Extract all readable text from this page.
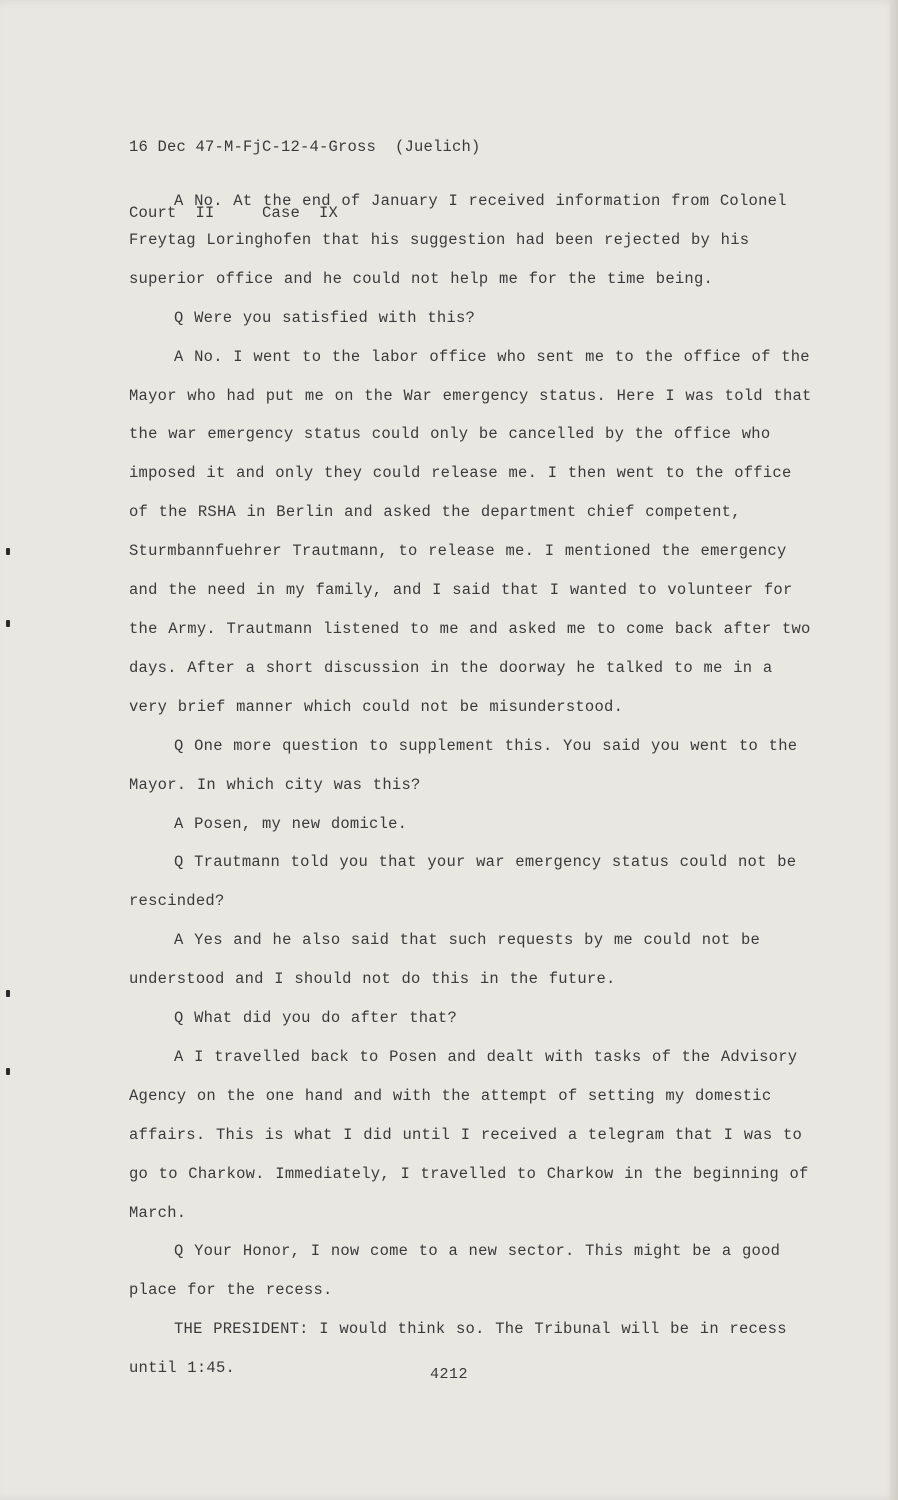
16 Dec 47-M-FjC-12-4-Gross  (Juelich)

Court  II     Case  IX

A No. At the end of January I received information from Colonel Freytag Loringhofen that his suggestion had been rejected by his superior office and he could not help me for the time being.

Q Were you satisfied with this?

A No. I went to the labor office who sent me to the office of the Mayor who had put me on the War emergency status. Here I was told that the war emergency status could only be cancelled by the office who imposed it and only they could release me. I then went to the office of the RSHA in Berlin and asked the department chief competent, Sturmbannfuehrer Trautmann, to release me. I mentioned the emergency and the need in my family, and I said that I wanted to volunteer for the Army. Trautmann listened to me and asked me to come back after two days. After a short discussion in the doorway he talked to me in a very brief manner which could not be misunderstood.

Q One more question to supplement this. You said you went to the Mayor. In which city was this?

A Posen, my new domicle.

Q Trautmann told you that your war emergency status could not be rescinded?

A Yes and he also said that such requests by me could not be understood and I should not do this in the future.

Q What did you do after that?

A I travelled back to Posen and dealt with tasks of the Advisory Agency on the one hand and with the attempt of setting my domestic affairs. This is what I did until I received a telegram that I was to go to Charkow. Immediately, I travelled to Charkow in the beginning of March.

Q Your Honor, I now come to a new sector. This might be a good place for the recess.

THE PRESIDENT: I would think so. The Tribunal will be in recess until 1:45.	4212
